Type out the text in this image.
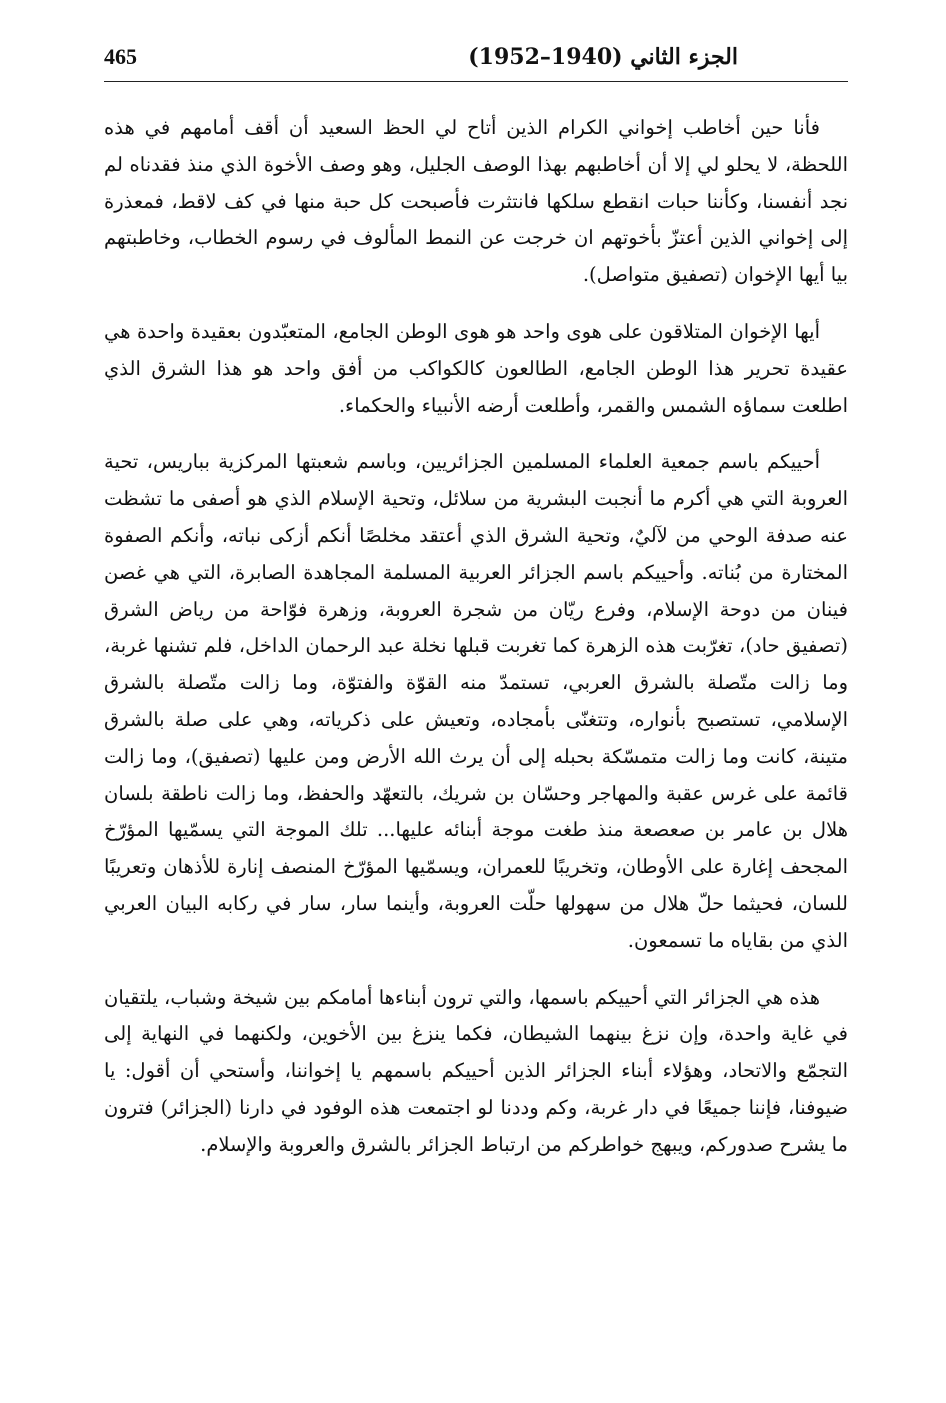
465	الجزء الثاني (1940–1952)

فأنا حين أخاطب إخواني الكرام الذين أتاح لي الحظ السعيد أن أقف أمامهم في هذه اللحظة، لا يحلو لي إلا أن أخاطبهم بهذا الوصف الجليل، وهو وصف الأخوة الذي منذ فقدناه لم نجد أنفسنا، وكأننا حبات انقطع سلكها فانتثرت فأصبحت كل حبة منها في كف لاقط، فمعذرة إلى إخواني الذين أعتزّ بأخوتهم ان خرجت عن النمط المألوف في رسوم الخطاب، وخاطبتهم بيا أيها الإخوان (تصفيق متواصل).

أيها الإخوان المتلاقون على هوى واحد هو هوى الوطن الجامع، المتعبّدون بعقيدة واحدة هي عقيدة تحرير هذا الوطن الجامع، الطالعون كالكواكب من أفق واحد هو هذا الشرق الذي اطلعت سماؤه الشمس والقمر، وأطلعت أرضه الأنبياء والحكماء.

أحييكم باسم جمعية العلماء المسلمين الجزائريين، وباسم شعبتها المركزية بباريس، تحية العروبة التي هي أكرم ما أنجبت البشرية من سلائل، وتحية الإسلام الذي هو أصفى ما تشظت عنه صدفة الوحي من لآليٌ، وتحية الشرق الذي أعتقد مخلصًا أنكم أزكى نباته، وأنكم الصفوة المختارة من بُناته. وأحييكم باسم الجزائر العربية المسلمة المجاهدة الصابرة، التي هي غصن فينان من دوحة الإسلام، وفرع ريّان من شجرة العروبة، وزهرة فوّاحة من رياض الشرق (تصفيق حاد)، تغرّبت هذه الزهرة كما تغربت قبلها نخلة عبد الرحمان الداخل، فلم تشنها غربة، وما زالت متّصلة بالشرق العربي، تستمدّ منه القوّة والفتوّة، وما زالت متّصلة بالشرق الإسلامي، تستصبح بأنواره، وتتغنّى بأمجاده، وتعيش على ذكرياته، وهي على صلة بالشرق متينة، كانت وما زالت متمسّكة بحبله إلى أن يرث الله الأرض ومن عليها (تصفيق)، وما زالت قائمة على غرس عقبة والمهاجر وحسّان بن شريك، بالتعهّد والحفظ، وما زالت ناطقة بلسان هلال بن عامر بن صعصعة منذ طغت موجة أبنائه عليها... تلك الموجة التي يسمّيها المؤرّخ المجحف إغارة على الأوطان، وتخريبًا للعمران، ويسمّيها المؤرّخ المنصف إنارة للأذهان وتعريبًا للسان، فحيثما حلّ هلال من سهولها حلّت العروبة، وأينما سار، سار في ركابه البيان العربي الذي من بقاياه ما تسمعون.

هذه هي الجزائر التي أحييكم باسمها، والتي ترون أبناءها أمامكم بين شيخة وشباب، يلتقيان في غاية واحدة، وإن نزغ بينهما الشيطان، فكما ينزغ بين الأخوين، ولكنهما في النهاية إلى التجمّع والاتحاد، وهؤلاء أبناء الجزائر الذين أحييكم باسمهم يا إخواننا، وأستحي أن أقول: يا ضيوفنا، فإننا جميعًا في دار غربة، وكم وددنا لو اجتمعت هذه الوفود في دارنا (الجزائر) فترون ما يشرح صدوركم، ويبهج خواطركم من ارتباط الجزائر بالشرق والعروبة والإسلام.
